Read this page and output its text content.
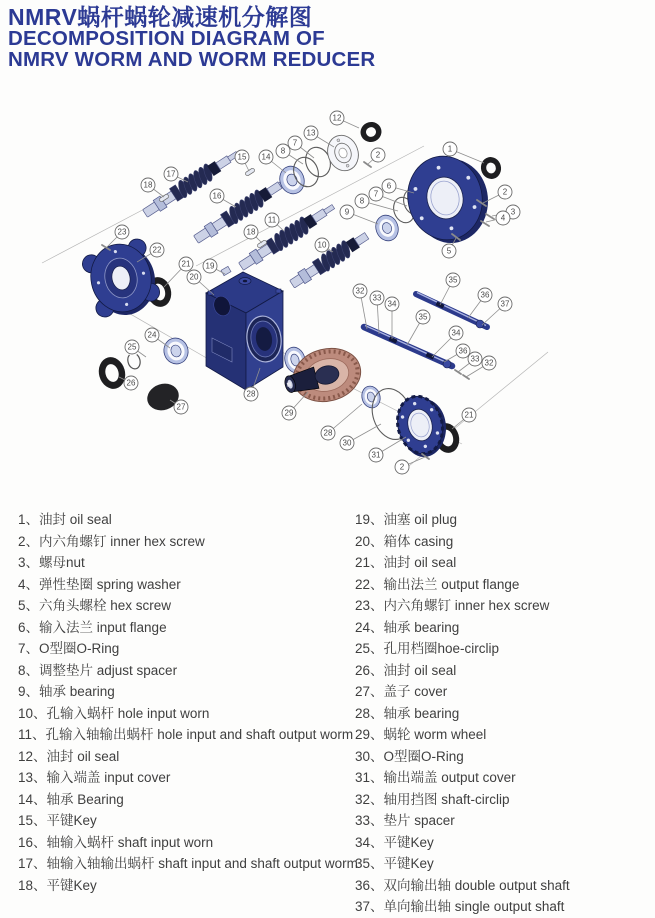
NMRV蜗杆蜗轮减速机分解图
DECOMPOSITION DIAGRAM OF
NMRV WORM AND WORM REDUCER
17
18
15
16
14
8
7
13
12
2
11
18
10
9
8
7
6
1
2
3
4
5
23
22
21 19
20
24
25
26
27
28
29
28
30
31
2
21
32
33
34
35
35
36
37
34
36
33 32
1、油封 oil seal
2、内六角螺钉 inner hex screw
3、螺母nut
4、弹性垫圈 spring washer
5、六角头螺栓 hex screw
6、输入法兰 input flange
7、O型圈O-Ring
8、调整垫片 adjust spacer
9、轴承 bearing
10、孔输入蜗杆 hole input worn
11、孔输入轴输出蜗杆 hole input and shaft output worm
12、油封 oil seal
13、输入端盖 input cover
14、轴承 Bearing
15、平键Key
16、轴输入蜗杆 shaft input worn
17、轴输入轴输出蜗杆 shaft input and shaft output worm
18、平键Key
19、油塞 oil plug
20、箱体 casing
21、油封 oil seal
22、输出法兰 output flange
23、内六角螺钉 inner hex screw
24、轴承 bearing
25、孔用档圈hoe-circlip
26、油封 oil seal
27、盖子 cover
28、轴承 bearing
29、蜗轮 worm wheel
30、O型圈O-Ring
31、输出端盖 output cover
32、轴用挡图 shaft-circlip
33、垫片 spacer
34、平键Key
35、平键Key
36、双向输出轴 double output shaft
37、单向输出轴 single output shaft
